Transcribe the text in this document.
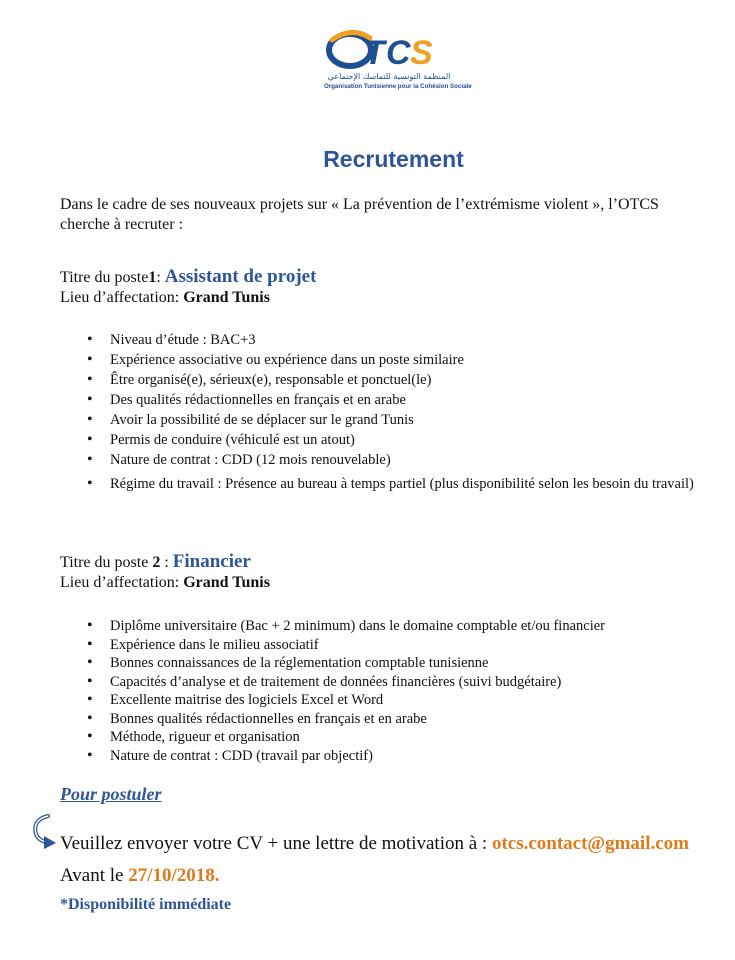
T C S
المنظمة التونسية للتماسك الإجتماعي
Organisation Tunisienne pour la Cohésion Sociale
Recrutement
Dans le cadre de ses nouveaux projets sur « La prévention de l’extrémisme violent », l’OTCS cherche à recruter :
Titre du poste1: Assistant de projet
Lieu d’affectation: Grand Tunis
• Niveau d’étude : BAC+3
• Expérience associative ou expérience dans un poste similaire
• Être organisé(e), sérieux(e), responsable et ponctuel(le)
• Des qualités rédactionnelles en français et en arabe
• Avoir la possibilité de se déplacer sur le grand Tunis
• Permis de conduire (véhiculé est un atout)
• Nature de contrat : CDD (12 mois renouvelable)
• Régime du travail : Présence au bureau à temps partiel (plus disponibilité selon les besoin du travail)
Titre du poste 2 : Financier
Lieu d’affectation: Grand Tunis
• Diplôme universitaire (Bac + 2 minimum) dans le domaine comptable et/ou financier
• Expérience dans le milieu associatif
• Bonnes connaissances de la réglementation comptable tunisienne
• Capacités d’analyse et de traitement de données financières (suivi budgétaire)
• Excellente maitrise des logiciels Excel et Word
• Bonnes qualités rédactionnelles en français et en arabe
• Méthode, rigueur et organisation
• Nature de contrat : CDD (travail par objectif)
Pour postuler
Veuillez envoyer votre CV + une lettre de motivation à : otcs.contact@gmail.com
Avant le 27/10/2018.
*Disponibilité immédiate
